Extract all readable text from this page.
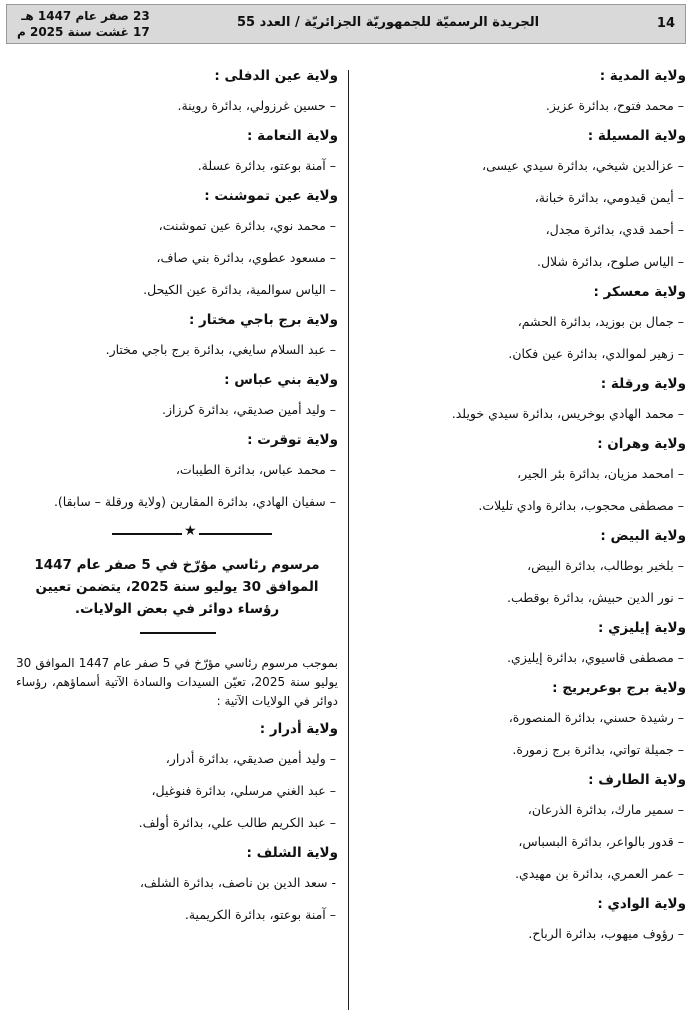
14
الجريدة الرسميّة للجمهوريّة الجزائريّة / العدد 55
23 صفر عام 1447 هـ
17 غشت سنة 2025 م

ولاية المدية :

– محمد فتوح، بدائرة عزيز.

ولاية المسيلة :

– عزالدين شيخي، بدائرة سيدي عيسى،

– أيمن قيدومي، بدائرة خبانة،

– أحمد قدي، بدائرة مجدل،

– الياس صلوح، بدائرة شلال.

ولاية معسكر :

– جمال بن بوزيد، بدائرة الحشم،

– زهير لموالدي، بدائرة عين فكان.

ولاية ورقلة :

– محمد الهادي بوخريس، بدائرة سيدي خويلد.

ولاية وهران :

– امحمد مزيان، بدائرة بئر الجير،

– مصطفى محجوب، بدائرة وادي تليلات.

ولاية البيض :

– بلخير بوطالب، بدائرة البيض،

– نور الدين حبيش، بدائرة بوقطب.

ولاية إيليزي :

– مصطفى قاسيوي، بدائرة إيليزي.

ولاية برج بوعريريج :

– رشيدة حسني، بدائرة المنصورة،

– جميلة تواتي، بدائرة برج زمورة.

ولاية الطارف :

– سمير مارك، بدائرة الذرعان،

– قدور بالواعر، بدائرة البسباس،

– عمر العمري، بدائرة بن مهيدي.

ولاية الوادي :

– رؤوف ميهوب، بدائرة الرباح.

ولاية عين الدفلى :

– حسين غرزولي، بدائرة روينة.

ولاية النعامة :

– آمنة بوعتو، بدائرة عسلة.

ولاية عين تموشنت :

– محمد نوي، بدائرة عين تموشنت،

– مسعود عطوي، بدائرة بني صاف،

– الياس سوالمية، بدائرة عين الكيحل.

ولاية برج باجي مختار :

– عبد السلام سايغي، بدائرة برج باجي مختار.

ولاية بني عباس :

– وليد أمين صديقي، بدائرة كرزاز.

ولاية توقرت :

– محمد عباس، بدائرة الطيبات،

– سفيان الهادي، بدائرة المقارين (ولاية ورقلة – سابقا).

★

مرسوم رئاسي مؤرّخ في 5 صفر عام 1447 الموافق 30 يوليو سنة 2025، يتضمن تعيين رؤساء دوائر في بعض الولايات.

بموجب مرسوم رئاسي مؤرّخ في 5 صفر عام 1447 الموافق 30 يوليو سنة 2025، تعيّن السيدات والسادة الآتية أسماؤهم، رؤساء دوائر في الولايات الآتية :

ولاية أدرار :

– وليد أمين صديقي، بدائرة أدرار،

– عبد الغني مرسلي، بدائرة فنوغيل،

– عبد الكريم طالب علي، بدائرة أولف.

ولاية الشلف :

- سعد الدين بن ناصف، بدائرة الشلف،

– آمنة بوعتو، بدائرة الكريمية.
